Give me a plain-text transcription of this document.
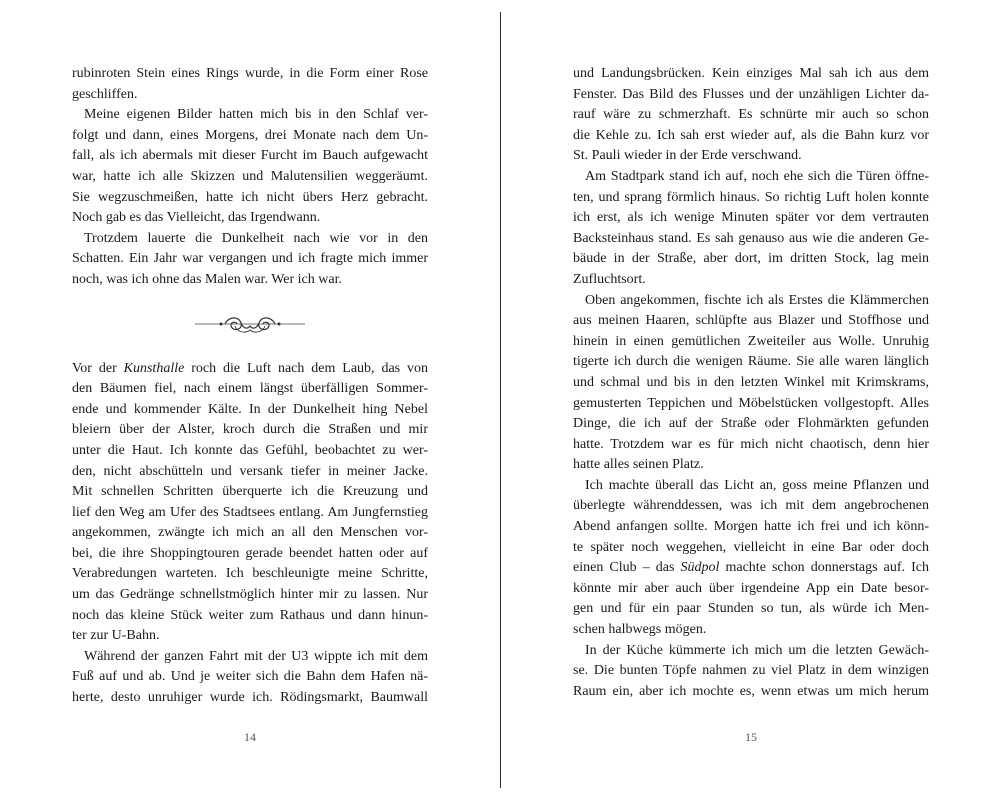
rubinroten Stein eines Rings wurde, in die Form einer Rose
geschliffen.
Meine eigenen Bilder hatten mich bis in den Schlaf ver-
folgt und dann, eines Morgens, drei Monate nach dem Un-
fall, als ich abermals mit dieser Furcht im Bauch aufgewacht
war, hatte ich alle Skizzen und Malutensilien weggeräumt.
Sie wegzuschmeißen, hatte ich nicht übers Herz gebracht.
Noch gab es das Vielleicht, das Irgendwann.
Trotzdem lauerte die Dunkelheit nach wie vor in den
Schatten. Ein Jahr war vergangen und ich fragte mich immer
noch, was ich ohne das Malen war. Wer ich war.
Vor der Kunsthalle roch die Luft nach dem Laub, das von
den Bäumen fiel, nach einem längst überfälligen Sommer-
ende und kommender Kälte. In der Dunkelheit hing Nebel
bleiern über der Alster, kroch durch die Straßen und mir
unter die Haut. Ich konnte das Gefühl, beobachtet zu wer-
den, nicht abschütteln und versank tiefer in meiner Jacke.
Mit schnellen Schritten überquerte ich die Kreuzung und
lief den Weg am Ufer des Stadtsees entlang. Am Jungfernstieg
angekommen, zwängte ich mich an all den Menschen vor-
bei, die ihre Shoppingtouren gerade beendet hatten oder auf
Verabredungen warteten. Ich beschleunigte meine Schritte,
um das Gedränge schnellstmöglich hinter mir zu lassen. Nur
noch das kleine Stück weiter zum Rathaus und dann hinun-
ter zur U-Bahn.
Während der ganzen Fahrt mit der U3 wippte ich mit dem
Fuß auf und ab. Und je weiter sich die Bahn dem Hafen nä-
herte, desto unruhiger wurde ich. Rödingsmarkt, Baumwall
und Landungsbrücken. Kein einziges Mal sah ich aus dem
Fenster. Das Bild des Flusses und der unzähligen Lichter da-
rauf wäre zu schmerzhaft. Es schnürte mir auch so schon
die Kehle zu. Ich sah erst wieder auf, als die Bahn kurz vor
St. Pauli wieder in der Erde verschwand.
Am Stadtpark stand ich auf, noch ehe sich die Türen öffne-
ten, und sprang förmlich hinaus. So richtig Luft holen konnte
ich erst, als ich wenige Minuten später vor dem vertrauten
Backsteinhaus stand. Es sah genauso aus wie die anderen Ge-
bäude in der Straße, aber dort, im dritten Stock, lag mein
Zufluchtsort.
Oben angekommen, fischte ich als Erstes die Klämmerchen
aus meinen Haaren, schlüpfte aus Blazer und Stoffhose und
hinein in einen gemütlichen Zweiteiler aus Wolle. Unruhig
tigerte ich durch die wenigen Räume. Sie alle waren länglich
und schmal und bis in den letzten Winkel mit Krimskrams,
gemusterten Teppichen und Möbelstücken vollgestopft. Alles
Dinge, die ich auf der Straße oder Flohmärkten gefunden
hatte. Trotzdem war es für mich nicht chaotisch, denn hier
hatte alles seinen Platz.
Ich machte überall das Licht an, goss meine Pflanzen und
überlegte währenddessen, was ich mit dem angebrochenen
Abend anfangen sollte. Morgen hatte ich frei und ich könn-
te später noch weggehen, vielleicht in eine Bar oder doch
einen Club – das Südpol machte schon donnerstags auf. Ich
könnte mir aber auch über irgendeine App ein Date besor-
gen und für ein paar Stunden so tun, als würde ich Men-
schen halbwegs mögen.
In der Küche kümmerte ich mich um die letzten Gewäch-
se. Die bunten Töpfe nahmen zu viel Platz in dem winzigen
Raum ein, aber ich mochte es, wenn etwas um mich herum
14	15
